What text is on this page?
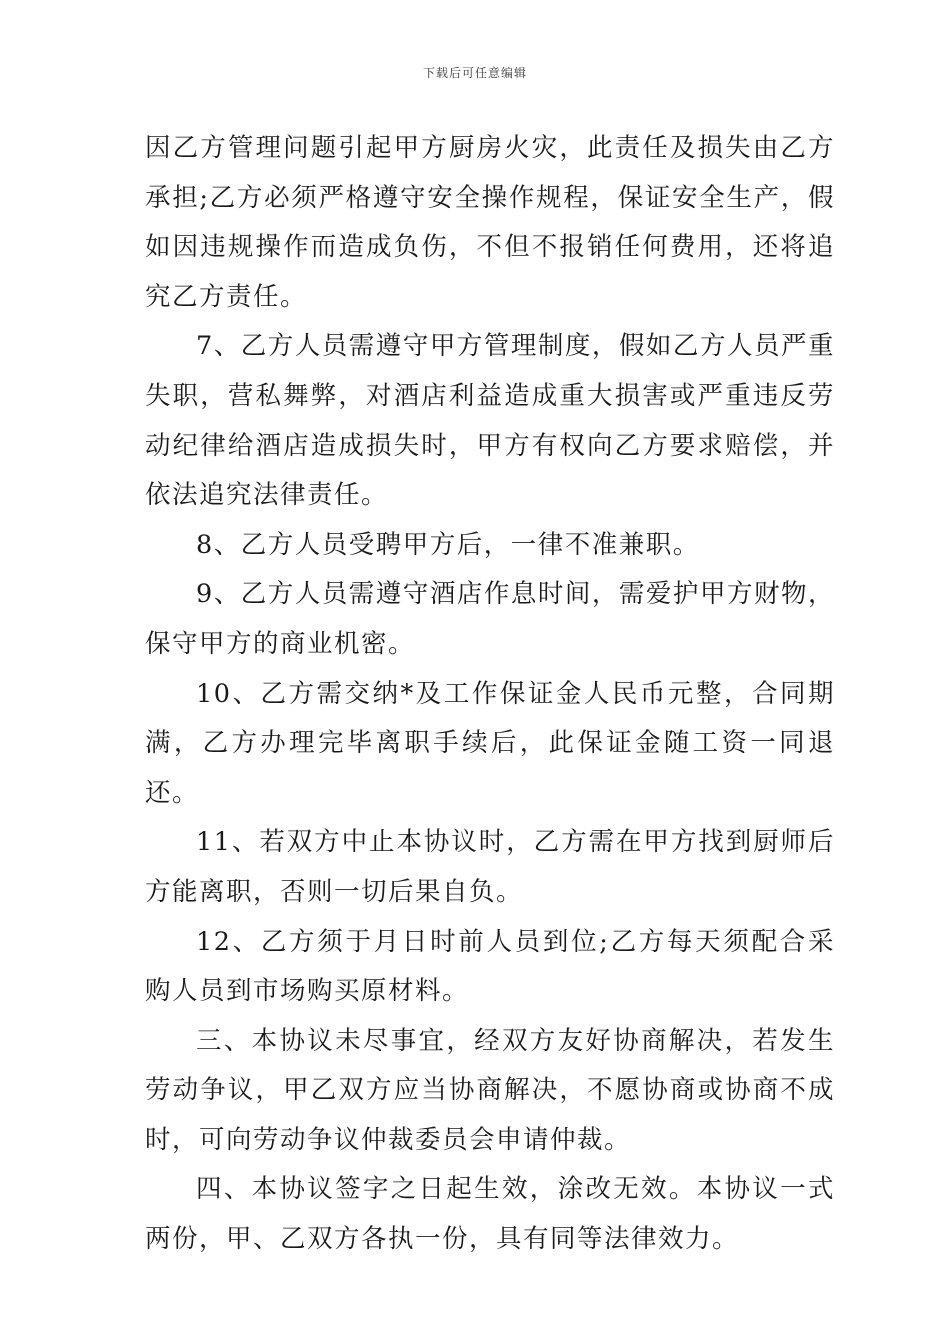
下载后可任意编辑

因乙方管理问题引起甲方厨房火灾，此责任及损失由乙方承担;乙方必须严格遵守安全操作规程，保证安全生产，假如因违规操作而造成负伤，不但不报销任何费用，还将追究乙方责任。

7、乙方人员需遵守甲方管理制度，假如乙方人员严重失职，营私舞弊，对酒店利益造成重大损害或严重违反劳动纪律给酒店造成损失时，甲方有权向乙方要求赔偿，并依法追究法律责任。

8、乙方人员受聘甲方后，一律不准兼职。

9、乙方人员需遵守酒店作息时间，需爱护甲方财物，保守甲方的商业机密。

10、乙方需交纳*及工作保证金人民币元整，合同期满，乙方办理完毕离职手续后，此保证金随工资一同退还。

11、若双方中止本协议时，乙方需在甲方找到厨师后方能离职，否则一切后果自负。

12、乙方须于月日时前人员到位;乙方每天须配合采购人员到市场购买原材料。

三、本协议未尽事宜，经双方友好协商解决，若发生劳动争议，甲乙双方应当协商解决，不愿协商或协商不成时，可向劳动争议仲裁委员会申请仲裁。

四、本协议签字之日起生效，涂改无效。本协议一式两份，甲、乙双方各执一份，具有同等法律效力。
